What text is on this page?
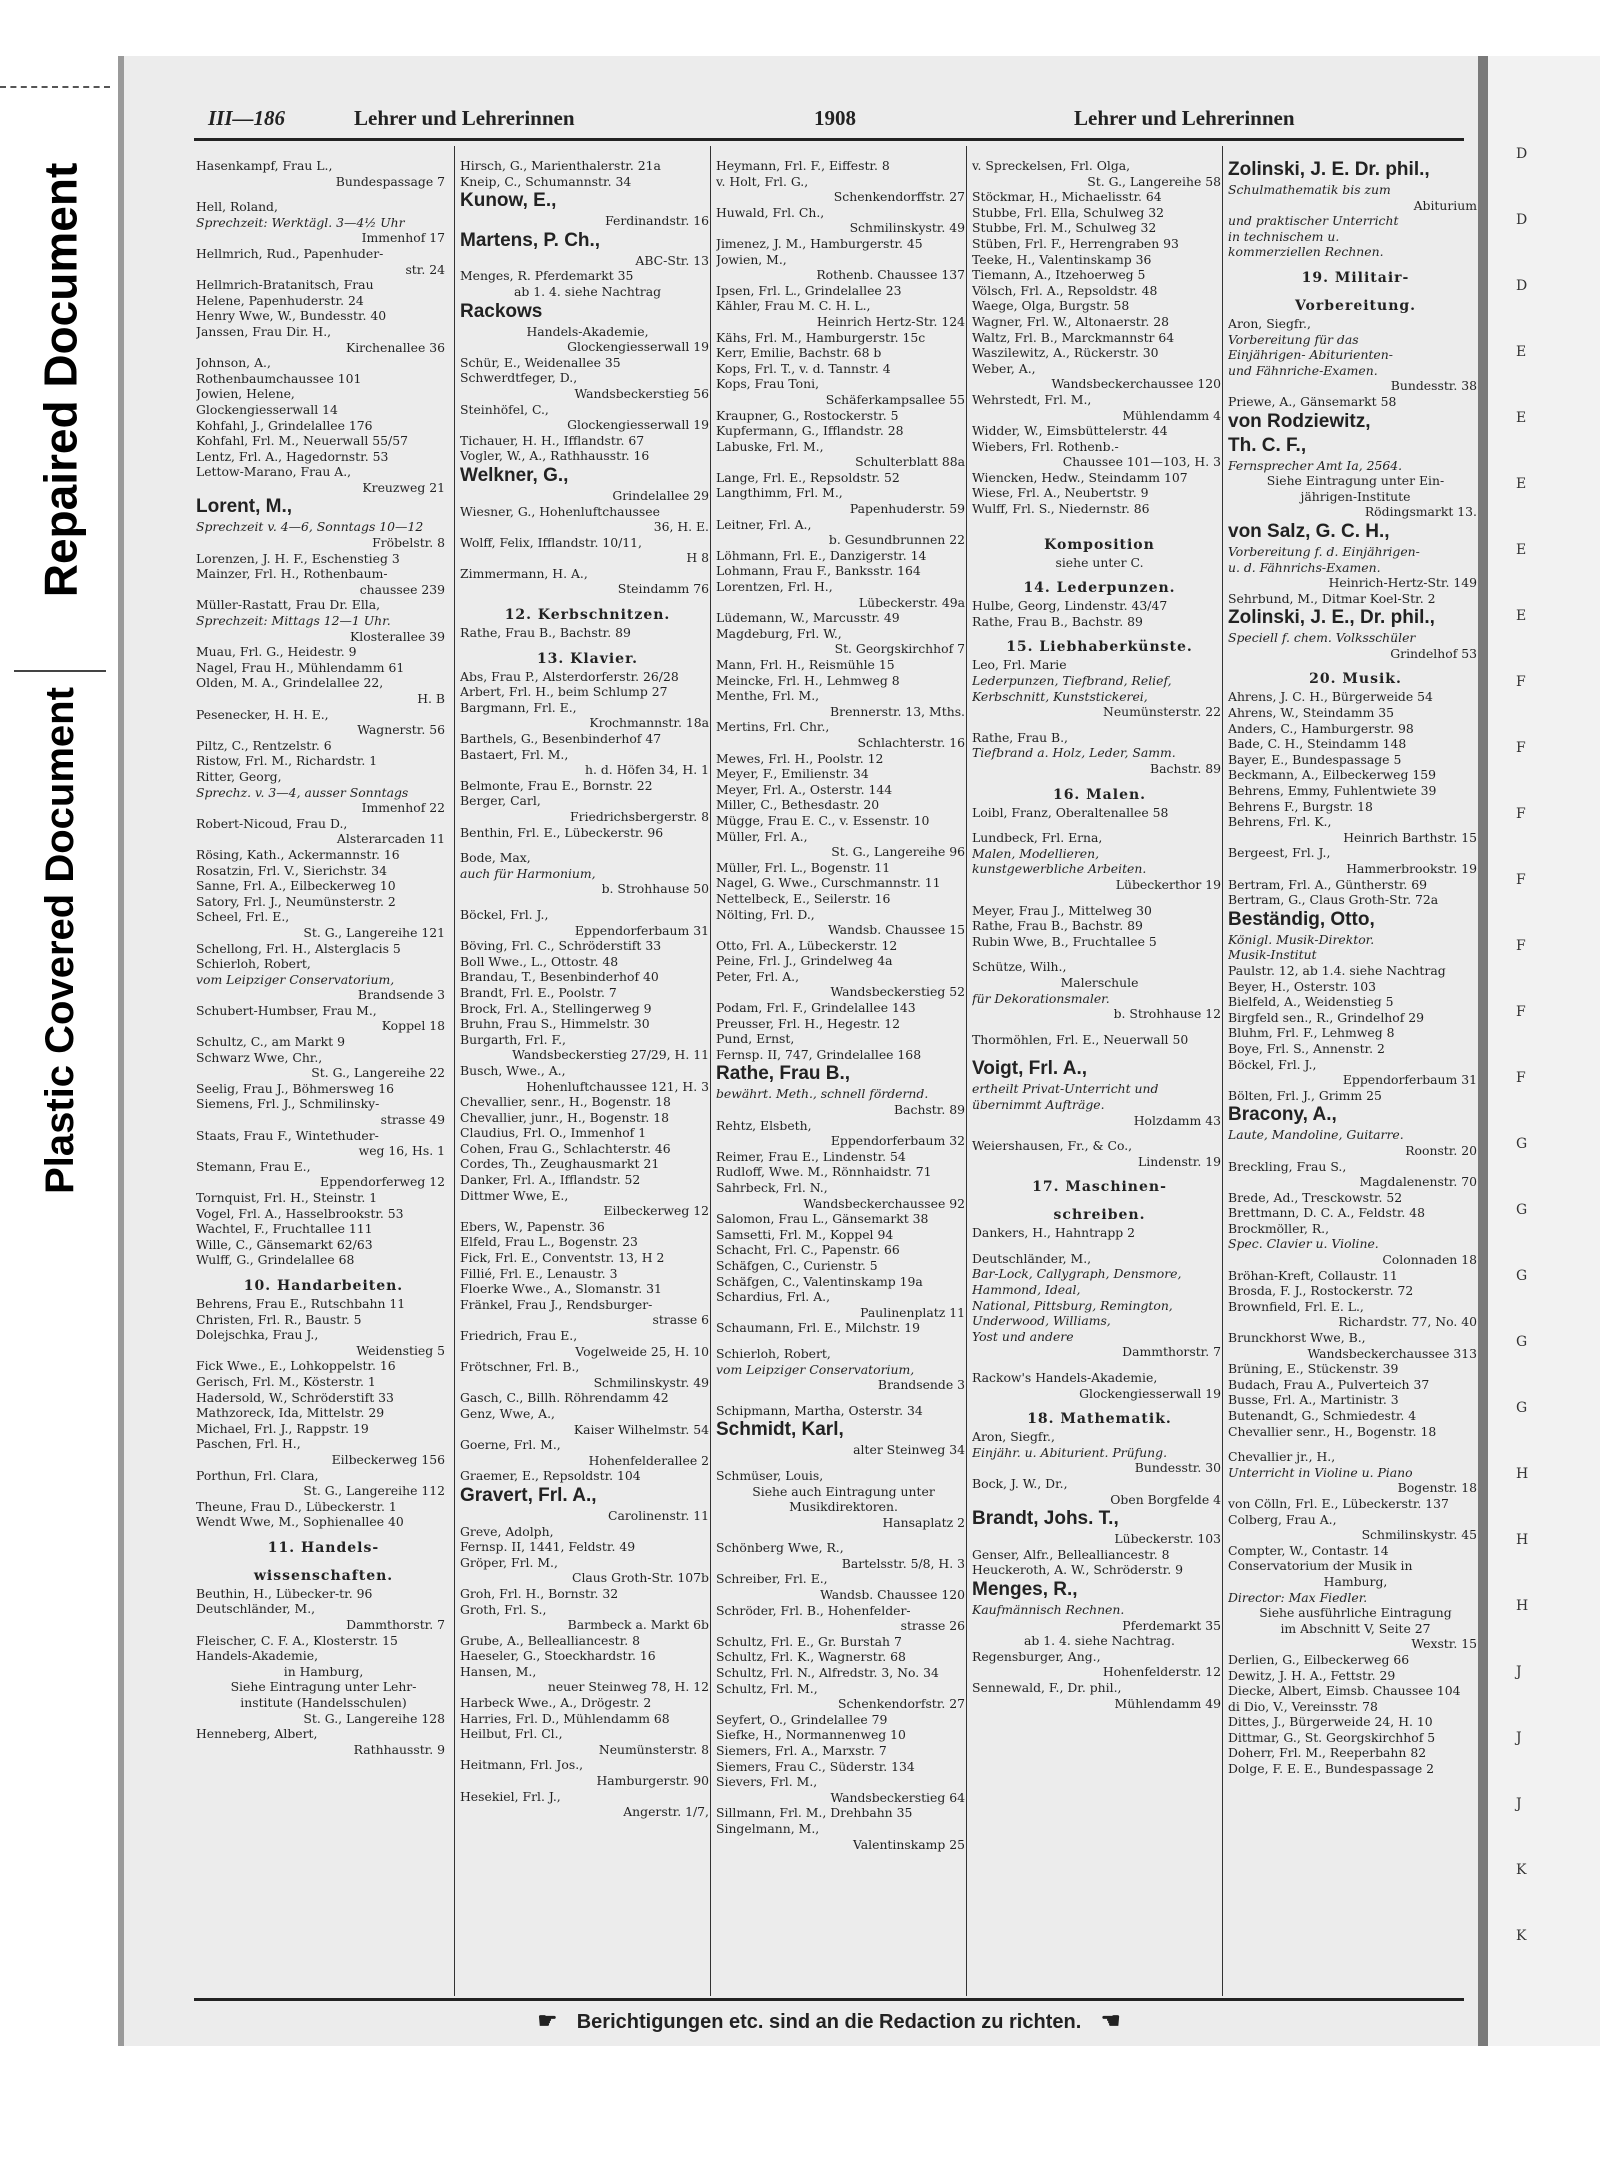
Repaired Document
Plastic Covered Document
III—186	Lehrer und Lehrerinnen	1908	Lehrer und Lehrerinnen
Hasenkampf, Frau L.,
Bundespassage 7
Hell, Roland,
Sprechzeit: Werktägl. 3—4½ Uhr
Immenhof 17
Hellmrich, Rud., Papenhuder-
str. 24
Hellmrich-Bratanitsch, Frau
Helene, Papenhuderstr. 24
Henry Wwe, W., Bundesstr. 40
Janssen, Frau Dir. H.,
Kirchenallee 36
Johnson, A.,
Rothenbaumchaussee 101
Jowien, Helene,
Glockengiesserwall 14
Kohfahl, J., Grindelallee 176
Kohfahl, Frl. M., Neuerwall 55/57
Lentz, Frl. A., Hagedornstr. 53
Lettow-Marano, Frau A.,
Kreuzweg 21
Lorent, M.,
Sprechzeit v. 4—6, Sonntags 10—12
Fröbelstr. 8
Lorenzen, J. H. F., Eschenstieg 3
Mainzer, Frl. H., Rothenbaum-
chaussee 239
Müller-Rastatt, Frau Dr. Ella,
Sprechzeit: Mittags 12—1 Uhr.
Klosterallee 39
Muau, Frl. G., Heidestr. 9
Nagel, Frau H., Mühlendamm 61
Olden, M. A., Grindelallee 22,
H. B
Pesenecker, H. H. E.,
Wagnerstr. 56
Piltz, C., Rentzelstr. 6
Ristow, Frl. M., Richardstr. 1
Ritter, Georg,
Sprechz. v. 3—4, ausser Sonntags
Immenhof 22
Robert-Nicoud, Frau D.,
Alsterarcaden 11
Rösing, Kath., Ackermannstr. 16
Rosatzin, Frl. V., Sierichstr. 34
Sanne, Frl. A., Eilbeckerweg 10
Satory, Frl. J., Neumünsterstr. 2
Scheel, Frl. E.,
St. G., Langereihe 121
Schellong, Frl. H., Alsterglacis 5
Schierloh, Robert,
vom Leipziger Conservatorium,
Brandsende 3
Schubert-Humbser, Frau M.,
Koppel 18
Schultz, C., am Markt 9
Schwarz Wwe, Chr.,
St. G., Langereihe 22
Seelig, Frau J., Böhmersweg 16
Siemens, Frl. J., Schmilinsky-
strasse 49
Staats, Frau F., Wintethuder-
weg 16, Hs. 1
Stemann, Frau E.,
Eppendorferweg 12
Tornquist, Frl. H., Steinstr. 1
Vogel, Frl. A., Hasselbrookstr. 53
Wachtel, F., Fruchtallee 111
Wille, C., Gänsemarkt 62/63
Wulff, G., Grindelallee 68
10. Handarbeiten.
Behrens, Frau E., Rutschbahn 11
Christen, Frl. R., Baustr. 5
Dolejschka, Frau J.,
Weidenstieg 5
Fick Wwe., E., Lohkoppelstr. 16
Gerisch, Frl. M., Kösterstr. 1
Hadersold, W., Schröderstift 33
Mathzoreck, Ida, Mittelstr. 29
Michael, Frl. J., Rappstr. 19
Paschen, Frl. H.,
Eilbeckerweg 156
Porthun, Frl. Clara,
St. G., Langereihe 112
Theune, Frau D., Lübeckerstr. 1
Wendt Wwe, M., Sophienallee 40
11. Handels-
wissenschaften.
Beuthin, H., Lübecker-tr. 96
Deutschländer, M.,
Dammthorstr. 7
Fleischer, C. F. A., Klosterstr. 15
Handels-Akademie,
in Hamburg,
Siehe Eintragung unter Lehr-
institute (Handelsschulen)
St. G., Langereihe 128
Henneberg, Albert,
Rathhausstr. 9
Hirsch, G., Marienthalerstr. 21a
Kneip, C., Schumannstr. 34
Kunow, E.,
Ferdinandstr. 16
Martens, P. Ch.,
ABC-Str. 13
Menges, R. Pferdemarkt 35
ab 1. 4. siehe Nachtrag
Rackows
Handels-Akademie,
Glockengiesserwall 19
Schür, E., Weidenallee 35
Schwerdtfeger, D.,
Wandsbeckerstieg 56
Steinhöfel, C.,
Glockengiesserwall 19
Tichauer, H. H., Ifflandstr. 67
Vogler, W., A., Rathhausstr. 16
Welkner, G.,
Grindelallee 29
Wiesner, G., Hohenluftchaussee
36, H. E.
Wolff, Felix, Ifflandstr. 10/11,
H 8
Zimmermann, H. A.,
Steindamm 76
12. Kerbschnitzen.
Rathe, Frau B., Bachstr. 89
13. Klavier.
Abs, Frau P., Alsterdorferstr. 26/28
Arbert, Frl. H., beim Schlump 27
Bargmann, Frl. E.,
Krochmannstr. 18a
Barthels, G., Besenbinderhof 47
Bastaert, Frl. M.,
h. d. Höfen 34, H. 1
Belmonte, Frau E., Bornstr. 22
Berger, Carl,
Friedrichsbergerstr. 8
Benthin, Frl. E., Lübeckerstr. 96
Bode, Max,
auch für Harmonium,
b. Strohhause 50
Böckel, Frl. J.,
Eppendorferbaum 31
Böving, Frl. C., Schröderstift 33
Boll Wwe., L., Ottostr. 48
Brandau, T., Besenbinderhof 40
Brandt, Frl. E., Poolstr. 7
Brock, Frl. A., Stellingerweg 9
Bruhn, Frau S., Himmelstr. 30
Burgarth, Frl. F.,
Wandsbeckerstieg 27/29, H. 11
Busch, Wwe., A.,
Hohenluftchaussee 121, H. 3
Chevallier, senr., H., Bogenstr. 18
Chevallier, junr., H., Bogenstr. 18
Claudius, Frl. O., Immenhof 1
Cohen, Frau G., Schlachterstr. 46
Cordes, Th., Zeughausmarkt 21
Danker, Frl. A., Ifflandstr. 52
Dittmer Wwe, E.,
Eilbeckerweg 12
Ebers, W., Papenstr. 36
Elfeld, Frau L., Bogenstr. 23
Fick, Frl. E., Conventstr. 13, H 2
Fillié, Frl. E., Lenaustr. 3
Floerke Wwe., A., Slomanstr. 31
Fränkel, Frau J., Rendsburger-
strasse 6
Friedrich, Frau E.,
Vogelweide 25, H. 10
Frötschner, Frl. B.,
Schmilinskystr. 49
Gasch, C., Billh. Röhrendamm 42
Genz, Wwe, A.,
Kaiser Wilhelmstr. 54
Goerne, Frl. M.,
Hohenfelderallee 2
Graemer, E., Repsoldstr. 104
Gravert, Frl. A.,
Carolinenstr. 11
Greve, Adolph,
Fernsp. II, 1441, Feldstr. 49
Gröper, Frl. M.,
Claus Groth-Str. 107b
Groh, Frl. H., Bornstr. 32
Groth, Frl. S.,
Barmbeck a. Markt 6b
Grube, A., Bellealliancestr. 8
Haeseler, G., Stoeckhardstr. 16
Hansen, M.,
neuer Steinweg 78, H. 12
Harbeck Wwe., A., Drögestr. 2
Harries, Frl. D., Mühlendamm 68
Heilbut, Frl. Cl.,
Neumünsterstr. 8
Heitmann, Frl. Jos.,
Hamburgerstr. 90
Hesekiel, Frl. J.,
Angerstr. 1/7,
Heymann, Frl. F., Eiffestr. 8
v. Holt, Frl. G.,
Schenkendorffstr. 27
Huwald, Frl. Ch.,
Schmilinskystr. 49
Jimenez, J. M., Hamburgerstr. 45
Jowien, M.,
Rothenb. Chaussee 137
Ipsen, Frl. L., Grindelallee 23
Kähler, Frau M. C. H. L.,
Heinrich Hertz-Str. 124
Kähs, Frl. M., Hamburgerstr. 15c
Kerr, Emilie, Bachstr. 68 b
Kops, Frl. T., v. d. Tannstr. 4
Kops, Frau Toni,
Schäferkampsallee 55
Kraupner, G., Rostockerstr. 5
Kupfermann, G., Ifflandstr. 28
Labuske, Frl. M.,
Schulterblatt 88a
Lange, Frl. E., Repsoldstr. 52
Langthimm, Frl. M.,
Papenhuderstr. 59
Leitner, Frl. A.,
b. Gesundbrunnen 22
Löhmann, Frl. E., Danzigerstr. 14
Lohmann, Frau F., Banksstr. 164
Lorentzen, Frl. H.,
Lübeckerstr. 49a
Lüdemann, W., Marcusstr. 49
Magdeburg, Frl. W.,
St. Georgskirchhof 7
Mann, Frl. H., Reismühle 15
Meincke, Frl. H., Lehmweg 8
Menthe, Frl. M.,
Brennerstr. 13, Mths.
Mertins, Frl. Chr.,
Schlachterstr. 16
Mewes, Frl. H., Poolstr. 12
Meyer, F., Emilienstr. 34
Meyer, Frl. A., Osterstr. 144
Miller, C., Bethesdastr. 20
Mügge, Frau E. C., v. Essenstr. 10
Müller, Frl. A.,
St. G., Langereihe 96
Müller, Frl. L., Bogenstr. 11
Nagel, G. Wwe., Curschmannstr. 11
Nettelbeck, E., Seilerstr. 16
Nölting, Frl. D.,
Wandsb. Chaussee 15
Otto, Frl. A., Lübeckerstr. 12
Peine, Frl. J., Grindelweg 4a
Peter, Frl. A.,
Wandsbeckerstieg 52
Podam, Frl. F., Grindelallee 143
Preusser, Frl. H., Hegestr. 12
Pund, Ernst,
Fernsp. II, 747, Grindelallee 168
Rathe, Frau B.,
bewährt. Meth., schnell fördernd.
Bachstr. 89
Rehtz, Elsbeth,
Eppendorferbaum 32
Reimer, Frau E., Lindenstr. 54
Rudloff, Wwe. M., Rönnhaidstr. 71
Sahrbeck, Frl. N.,
Wandsbeckerchaussee 92
Salomon, Frau L., Gänsemarkt 38
Samsetti, Frl. M., Koppel 94
Schacht, Frl. C., Papenstr. 66
Schäfgen, C., Curienstr. 5
Schäfgen, C., Valentinskamp 19a
Schardius, Frl. A.,
Paulinenplatz 11
Schaumann, Frl. E., Milchstr. 19
Schierloh, Robert,
vom Leipziger Conservatorium,
Brandsende 3
Schipmann, Martha, Osterstr. 34
Schmidt, Karl,
alter Steinweg 34
Schmüser, Louis,
Siehe auch Eintragung unter
Musikdirektoren.
Hansaplatz 2
Schönberg Wwe, R.,
Bartelsstr. 5/8, H. 3
Schreiber, Frl. E.,
Wandsb. Chaussee 120
Schröder, Frl. B., Hohenfelder-
strasse 26
Schultz, Frl. E., Gr. Burstah 7
Schultz, Frl. K., Wagnerstr. 68
Schultz, Frl. N., Alfredstr. 3, No. 34
Schultz, Frl. M.,
Schenkendorfstr. 27
Seyfert, O., Grindelallee 79
Siefke, H., Normannenweg 10
Siemers, Frl. A., Marxstr. 7
Siemers, Frau C., Süderstr. 134
Sievers, Frl. M.,
Wandsbeckerstieg 64
Sillmann, Frl. M., Drehbahn 35
Singelmann, M.,
Valentinskamp 25
v. Spreckelsen, Frl. Olga,
St. G., Langereihe 58
Stöckmar, H., Michaelisstr. 64
Stubbe, Frl. Ella, Schulweg 32
Stubbe, Frl. M., Schulweg 32
Stüben, Frl. F., Herrengraben 93
Teeke, H., Valentinskamp 36
Tiemann, A., Itzehoerweg 5
Völsch, Frl. A., Repsoldstr. 48
Waege, Olga, Burgstr. 58
Wagner, Frl. W., Altonaerstr. 28
Waltz, Frl. B., Marckmannstr 64
Waszilewitz, A., Rückerstr. 30
Weber, A.,
Wandsbeckerchaussee 120
Wehrstedt, Frl. M.,
Mühlendamm 4
Widder, W., Eimsbüttelerstr. 44
Wiebers, Frl. Rothenb.-
Chaussee 101—103, H. 3
Wiencken, Hedw., Steindamm 107
Wiese, Frl. A., Neubertstr. 9
Wulff, Frl. S., Niedernstr. 86
Komposition
siehe unter C.
14. Lederpunzen.
Hulbe, Georg, Lindenstr. 43/47
Rathe, Frau B., Bachstr. 89
15. Liebhaberkünste.
Leo, Frl. Marie
Lederpunzen, Tiefbrand, Relief,
Kerbschnitt, Kunststickerei,
Neumünsterstr. 22
Rathe, Frau B.,
Tiefbrand a. Holz, Leder, Samm.
Bachstr. 89
16. Malen.
Loibl, Franz, Oberaltenallee 58
Lundbeck, Frl. Erna,
Malen, Modellieren,
kunstgewerbliche Arbeiten.
Lübeckerthor 19
Meyer, Frau J., Mittelweg 30
Rathe, Frau B., Bachstr. 89
Rubin Wwe, B., Fruchtallee 5
Schütze, Wilh.,
Malerschule
für Dekorationsmaler.
b. Strohhause 12
Thormöhlen, Frl. E., Neuerwall 50
Voigt, Frl. A.,
ertheilt Privat-Unterricht und
übernimmt Aufträge.
Holzdamm 43
Weiershausen, Fr., & Co.,
Lindenstr. 19
17. Maschinen-
schreiben.
Dankers, H., Hahntrapp 2
Deutschländer, M.,
Bar-Lock, Callygraph, Densmore,
Hammond, Ideal,
National, Pittsburg, Remington,
Underwood, Williams,
Yost und andere
Dammthorstr. 7
Rackow's Handels-Akademie,
Glockengiesserwall 19
18. Mathematik.
Aron, Siegfr.,
Einjähr. u. Abiturient. Prüfung.
Bundesstr. 30
Bock, J. W., Dr.,
Oben Borgfelde 4
Brandt, Johs. T.,
Lübeckerstr. 103
Genser, Alfr., Bellealliancestr. 8
Heuckeroth, A. W., Schröderstr. 9
Menges, R.,
Kaufmännisch Rechnen.
Pferdemarkt 35
ab 1. 4. siehe Nachtrag.
Regensburger, Ang.,
Hohenfelderstr. 12
Sennewald, F., Dr. phil.,
Mühlendamm 49
Zolinski, J. E. Dr. phil.,
Schulmathematik bis zum
Abiturium
und praktischer Unterricht
in technischem u.
kommerziellen Rechnen.
19. Militair-
Vorbereitung.
Aron, Siegfr.,
Vorbereitung für das
Einjährigen- Abiturienten-
und Fähnriche-Examen.
Bundesstr. 38
Priewe, A., Gänsemarkt 58
von Rodziewitz,
Th. C. F.,
Fernsprecher Amt Ia, 2564.
Siehe Eintragung unter Ein-
jährigen-Institute
Rödingsmarkt 13.
von Salz, G. C. H.,
Vorbereitung f. d. Einjährigen-
u. d. Fähnrichs-Examen.
Heinrich-Hertz-Str. 149
Sehrbund, M., Ditmar Koel-Str. 2
Zolinski, J. E., Dr. phil.,
Speciell f. chem. Volksschüler
Grindelhof 53
20. Musik.
Ahrens, J. C. H., Bürgerweide 54
Ahrens, W., Steindamm 35
Anders, C., Hamburgerstr. 98
Bade, C. H., Steindamm 148
Bayer, E., Bundespassage 5
Beckmann, A., Eilbeckerweg 159
Behrens, Emmy, Fuhlentwiete 39
Behrens F., Burgstr. 18
Behrens, Frl. K.,
Heinrich Barthstr. 15
Bergeest, Frl. J.,
Hammerbrookstr. 19
Bertram, Frl. A., Güntherstr. 69
Bertram, G., Claus Groth-Str. 72a
Beständig, Otto,
Königl. Musik-Direktor.
Musik-Institut
Paulstr. 12, ab 1.4. siehe Nachtrag
Beyer, H., Osterstr. 103
Bielfeld, A., Weidenstieg 5
Birgfeld sen., R., Grindelhof 29
Bluhm, Frl. F., Lehmweg 8
Boye, Frl. S., Annenstr. 2
Böckel, Frl. J.,
Eppendorferbaum 31
Bölten, Frl. J., Grimm 25
Bracony, A.,
Laute, Mandoline, Guitarre.
Roonstr. 20
Breckling, Frau S.,
Magdalenenstr. 70
Brede, Ad., Tresckowstr. 52
Brettmann, D. C. A., Feldstr. 48
Brockmöller, R.,
Spec. Clavier u. Violine.
Colonnaden 18
Bröhan-Kreft, Collaustr. 11
Brosda, F. J., Rostockerstr. 72
Brownfield, Frl. E. L.,
Richardstr. 77, No. 40
Brunckhorst Wwe, B.,
Wandsbeckerchaussee 313
Brüning, E., Stückenstr. 39
Budach, Frau A., Pulverteich 37
Busse, Frl. A., Martinistr. 3
Butenandt, G., Schmiedestr. 4
Chevallier senr., H., Bogenstr. 18
Chevallier jr., H.,
Unterricht in Violine u. Piano
Bogenstr. 18
von Cölln, Frl. E., Lübeckerstr. 137
Colberg, Frau A.,
Schmilinskystr. 45
Compter, W., Contastr. 14
Conservatorium der Musik in
Hamburg,
Director: Max Fiedler.
Siehe ausführliche Eintragung
im Abschnitt V, Seite 27
Wexstr. 15
Derlien, G., Eilbeckerweg 66
Dewitz, J. H. A., Fettstr. 29
Diecke, Albert, Eimsb. Chaussee 104
di Dio, V., Vereinsstr. 78
Dittes, J., Bürgerweide 24, H. 10
Dittmar, G., St. Georgskirchhof 5
Doherr, Frl. M., Reeperbahn 82
Dolge, F. E. E., Bundespassage 2
☛ Berichtigungen etc. sind an die Redaction zu richten. ☚
D
D
D
E
E
E
E
E
F
F
F
F
F
F
F
G
G
G
G
G
H
H
H
J
J
J
K
K
